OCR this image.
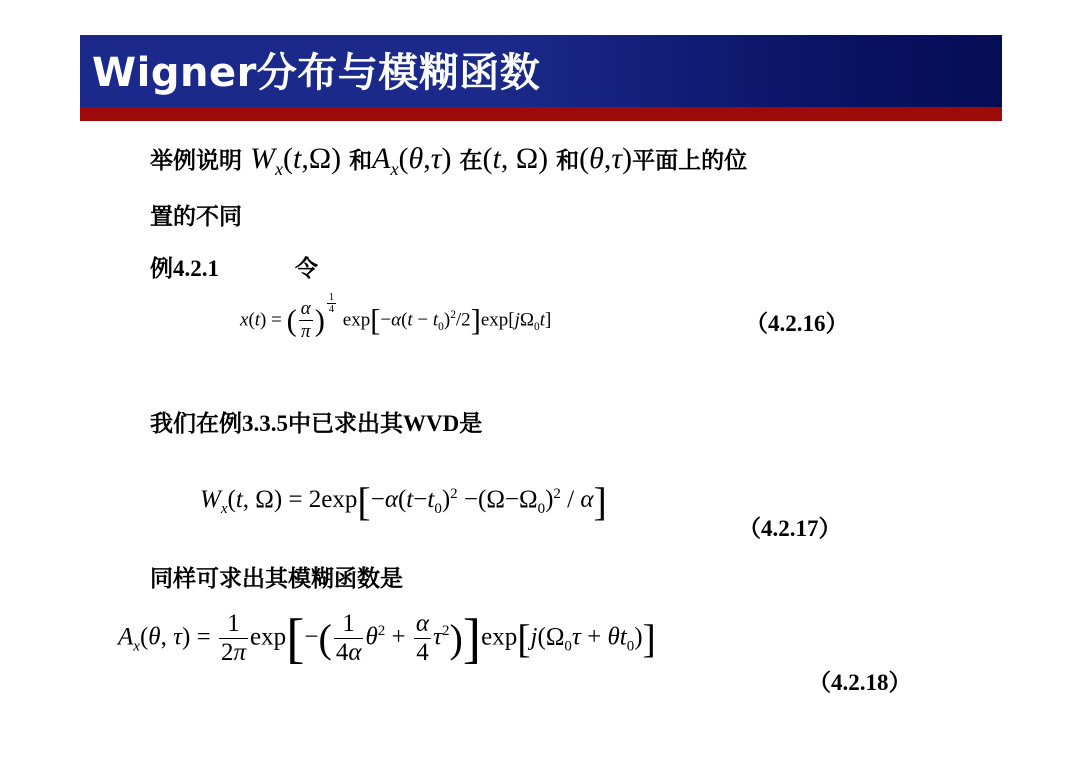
Wigner分布与模糊函数
举例说明 $W_x(t,\Omega)$ 和$A_x(\theta,\tau)$ 在(t, Ω) 和(θ,τ)平面上的位
置的不同
例4.2.1	令
x(t) = ( $\frac{\alpha}{\pi}$ ) $^{\frac{1}{4}}$
$\exp[-\alpha(t - t_0)^2/2]\exp[j\Omega_0t]$	（4.2.16）
我们在例3.3.5中已求出其WVD是
$W_x(t$, $\Omega) = 2\exp[-\alpha(t-t_0)^2 -(\Omega-\Omega_0)^2 / \alpha]$
（4.2.17）
同样可求出其模糊函数是
$A_x(\theta$, $\tau) = \frac{1}{2\pi} \exp[-( \frac{1}{4\alpha} \theta^2 + \frac{\alpha}{4} \tau^2)]\exp[j(\Omega_0\tau + \theta t_0)]$
（4.2.18）
